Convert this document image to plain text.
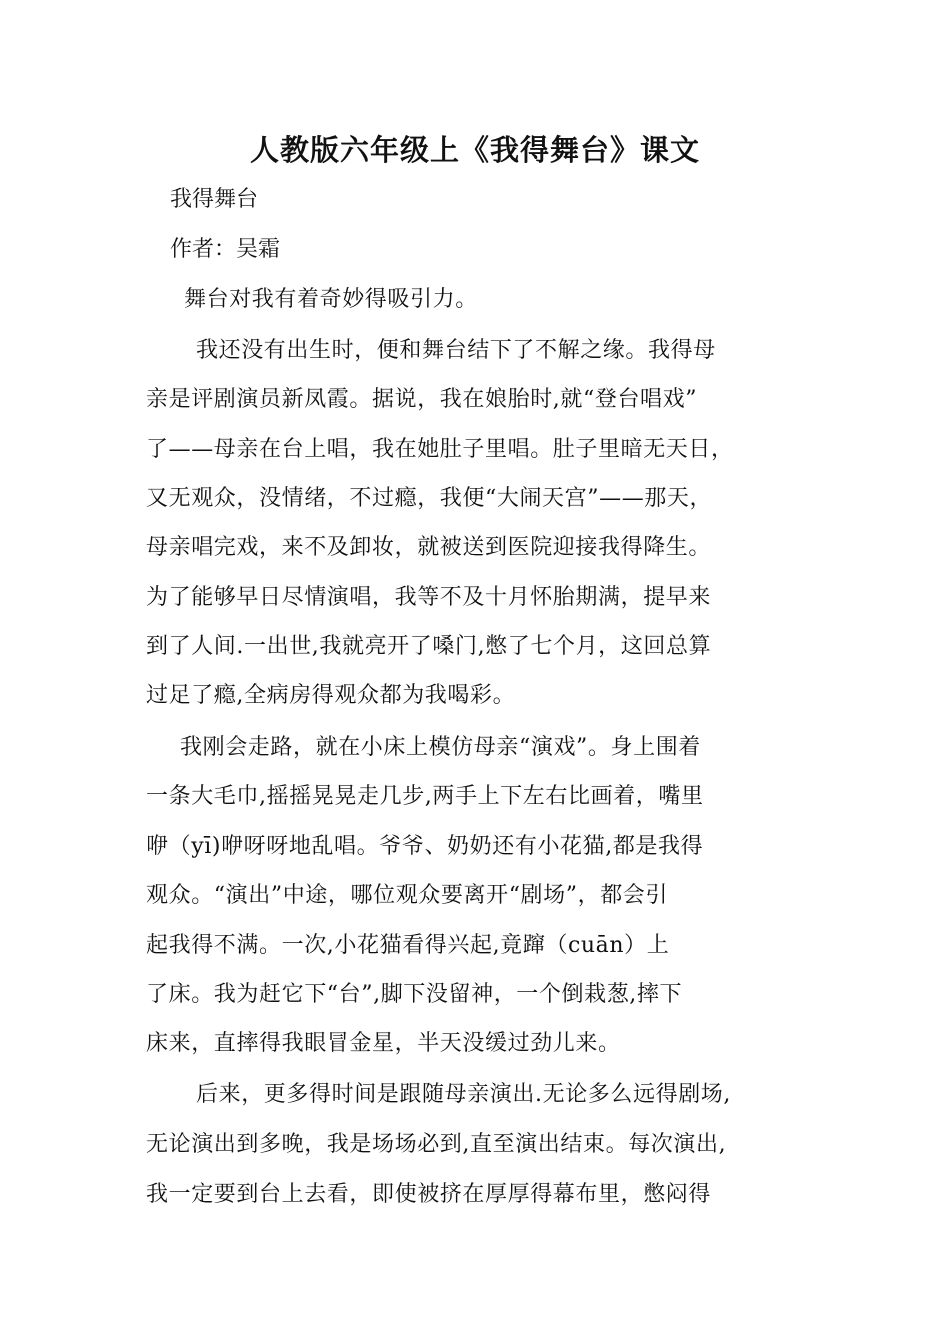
人教版六年级上《我得舞台》课文
我得舞台
作者：吴霜
舞台对我有着奇妙得吸引力。
我还没有出生时，便和舞台结下了不解之缘。我得母
亲是评剧演员新凤霞。据说，我在娘胎时,就“登台唱戏”
了——母亲在台上唱，我在她肚子里唱。肚子里暗无天日，
又无观众，没情绪，不过瘾，我便“大闹天宫”——那天，
母亲唱完戏，来不及卸妆，就被送到医院迎接我得降生。
为了能够早日尽情演唱，我等不及十月怀胎期满，提早来
到了人间.一出世,我就亮开了嗓门,憋了七个月，这回总算
过足了瘾,全病房得观众都为我喝彩。
我刚会走路，就在小床上模仿母亲“演戏”。身上围着
一条大毛巾,摇摇晃晃走几步,两手上下左右比画着，嘴里
咿（yī)咿呀呀地乱唱。爷爷、奶奶还有小花猫,都是我得
观众。“演出”中途，哪位观众要离开“剧场”，都会引
起我得不满。一次,小花猫看得兴起,竟蹿（cuān）上
了床。我为赶它下“台”,脚下没留神，一个倒栽葱,摔下
床来，直摔得我眼冒金星，半天没缓过劲儿来。
后来，更多得时间是跟随母亲演出.无论多么远得剧场,
无论演出到多晚，我是场场必到,直至演出结束。每次演出,
我一定要到台上去看，即使被挤在厚厚得幕布里，憋闷得
